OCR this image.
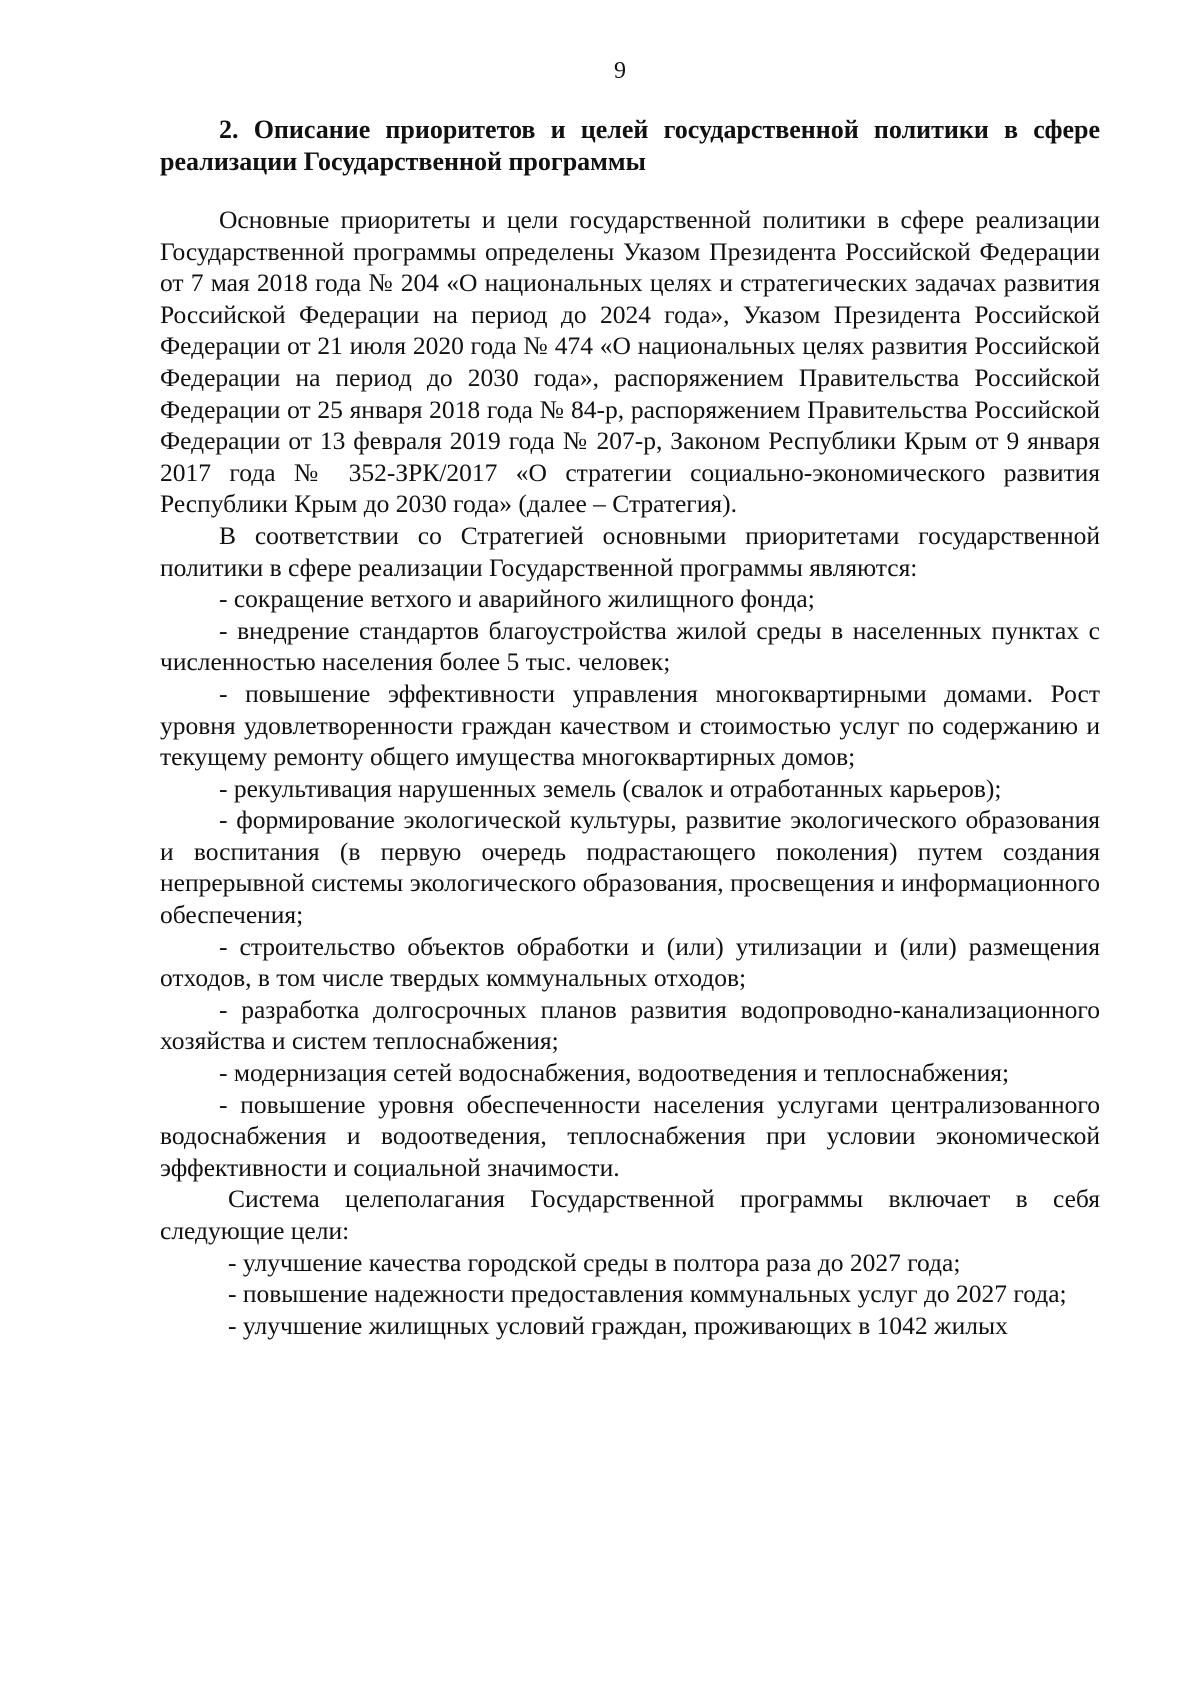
9

2. Описание приоритетов и целей государственной политики в сфере реализации Государственной программы

Основные приоритеты и цели государственной политики в сфере реализации Государственной программы определены Указом Президента Российской Федерации от 7 мая 2018 года № 204 «О национальных целях и стратегических задачах развития Российской Федерации на период до 2024 года», Указом Президента Российской Федерации от 21 июля 2020 года № 474 «О национальных целях развития Российской Федерации на период до 2030 года», распоряжением Правительства Российской Федерации от 25 января 2018 года № 84-р, распоряжением Правительства Российской Федерации от 13 февраля 2019 года № 207-р, Законом Республики Крым от 9 января 2017 года № 352-ЗРК/2017 «О стратегии социально-экономического развития Республики Крым до 2030 года» (далее – Стратегия).

В соответствии со Стратегией основными приоритетами государственной политики в сфере реализации Государственной программы являются:

- сокращение ветхого и аварийного жилищного фонда;

- внедрение стандартов благоустройства жилой среды в населенных пунктах с численностью населения более 5 тыс. человек;

- повышение эффективности управления многоквартирными домами. Рост уровня удовлетворенности граждан качеством и стоимостью услуг по содержанию и текущему ремонту общего имущества многоквартирных домов;

- рекультивация нарушенных земель (свалок и отработанных карьеров);

- формирование экологической культуры, развитие экологического образования и воспитания (в первую очередь подрастающего поколения) путем создания непрерывной системы экологического образования, просвещения и информационного обеспечения;

- строительство объектов обработки и (или) утилизации и (или) размещения отходов, в том числе твердых коммунальных отходов;

- разработка долгосрочных планов развития водопроводно-канализационного хозяйства и систем теплоснабжения;

- модернизация сетей водоснабжения, водоотведения и теплоснабжения;

- повышение уровня обеспеченности населения услугами централизованного водоснабжения и водоотведения, теплоснабжения при условии экономической эффективности и социальной значимости.

Система целеполагания Государственной программы включает в себя следующие цели:

- улучшение качества городской среды в полтора раза до 2027 года;

- повышение надежности предоставления коммунальных услуг до 2027 года;

- улучшение жилищных условий граждан, проживающих в 1042 жилых
